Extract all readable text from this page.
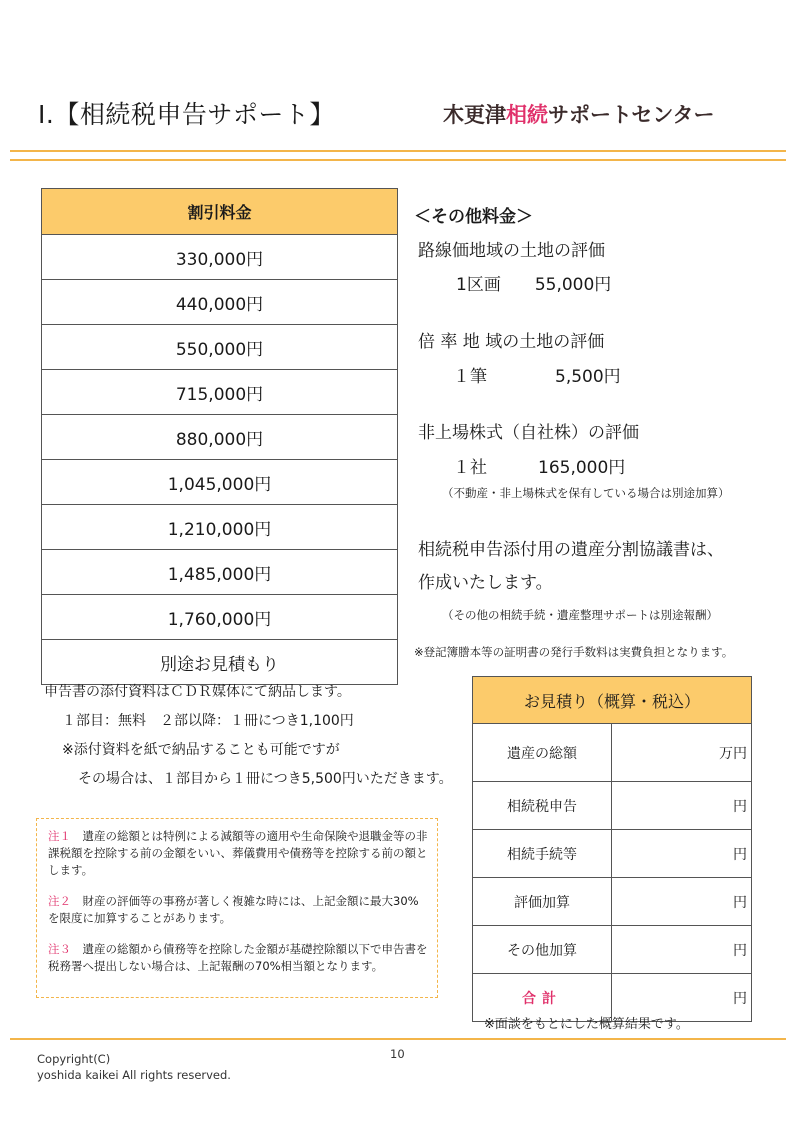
Ⅰ.【相続税申告サポート】	木更津相続サポートセンター
割引料金
330,000円
440,000円
550,000円
715,000円
880,000円
1,045,000円
1,210,000円
1,485,000円
1,760,000円
別途お見積もり
＜その他料金＞
路線価地域の土地の評価
1区画　　55,000円
倍 率 地 域の土地の評価
１筆　　　　5,500円
非上場株式（自社株）の評価
１社　　　165,000円
（不動産・非上場株式を保有している場合は別途加算）
相続税申告添付用の遺産分割協議書は、
作成いたします。
（その他の相続手続・遺産整理サポートは別途報酬）
※登記簿謄本等の証明書の発行手数料は実費負担となります。
申告書の添付資料はＣＤＲ媒体にて納品します。
１部目：無料　２部以降：１冊につき1,100円
※添付資料を紙で納品することも可能ですが
その場合は、１部目から１冊につき5,500円いただきます。
注１　遺産の総額とは特例による減額等の適用や生命保険や退職金等の非課税額を控除する前の金額をいい、葬儀費用や債務等を控除する前の額とします。
注２　財産の評価等の事務が著しく複雑な時には、上記金額に最大30%を限度に加算することがあります。
注３　遺産の総額から債務等を控除した金額が基礎控除額以下で申告書を税務署へ提出しない場合は、上記報酬の70%相当額となります。
お見積り（概算・税込）	
遺産の総額	万円
相続税申告	円
相続手続等	円
評価加算	円
その他加算	円
合計	円
※面談をもとにした概算結果です。
Copyright(C)
yoshida kaikei All rights reserved.
10
